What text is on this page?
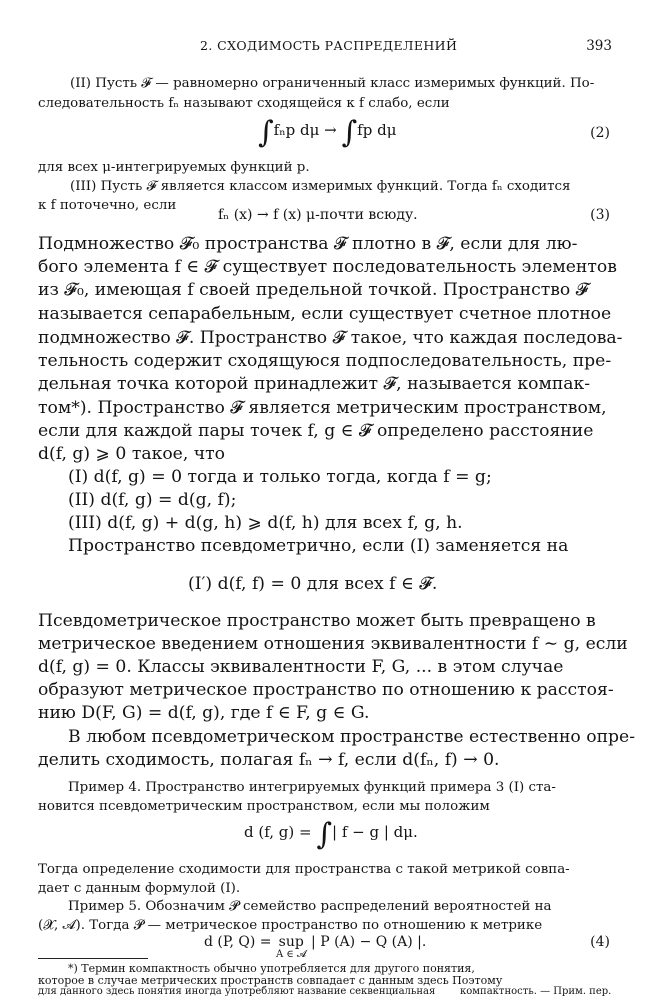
2. СХОДИМОСТЬ РАСПРЕДЕЛЕНИЙ	393
(II) Пусть 𝓕 — равномерно ограниченный класс измеримых функций. По-
следовательность fₙ называют сходящейся к f слабо, если
∫fₙp dμ → ∫fp dμ	(2)
для всех μ-интегрируемых функций p.
(III) Пусть 𝓕 является классом измеримых функций. Тогда fₙ сходится
к f поточечно, если
fₙ (x) → f (x) μ-почти всюду.	(3)
Подмножество 𝓕₀ пространства 𝓕 плотно в 𝓕, если для лю-
бого элемента f ∈ 𝓕 существует последовательность элементов
из 𝓕₀, имеющая f своей предельной точкой. Пространство 𝓕
называется сепарабельным, если существует счетное плотное
подмножество 𝓕. Пространство 𝓕 такое, что каждая последова-
тельность содержит сходящуюся подпоследовательность, пре-
дельная точка которой принадлежит 𝓕, называется компак-
том*). Пространство 𝓕 является метрическим пространством,
если для каждой пары точек f, g ∈ 𝓕 определено расстояние
d(f, g) ⩾ 0 такое, что
(I) d(f, g) = 0 тогда и только тогда, когда f = g;
(II) d(f, g) = d(g, f);
(III) d(f, g) + d(g, h) ⩾ d(f, h) для всех f, g, h.
Пространство псевдометрично, если (I) заменяется на
(I′) d(f, f) = 0 для всех f ∈ 𝓕.
Псевдометрическое пространство может быть превращено в
метрическое введением отношения эквивалентности f ∼ g, если
d(f, g) = 0. Классы эквивалентности F, G, ... в этом случае
образуют метрическое пространство по отношению к расстоя-
нию D(F, G) = d(f, g), где f ∈ F, g ∈ G.
В любом псевдометрическом пространстве естественно опре-
делить сходимость, полагая fₙ → f, если d(fₙ, f) → 0.
Пример 4. Пространство интегрируемых функций примера 3 (I) ста-
новится псевдометрическим пространством, если мы положим
d (f, g) = ∫| f − g | dμ.
Тогда определение сходимости для пространства с такой метрикой совпа-
дает с данным формулой (I).
Пример 5. Обозначим 𝓟 семейство распределений вероятностей на
(𝓧, 𝓐). Тогда 𝓟 — метрическое пространство по отношению к метрике
d (P, Q) = sup
A ∈ 𝓐
| P (A) − Q (A) |.	(4)
*) Термин компактность обычно употребляется для другого понятия,
которое в случае метрических пространств совпадает с данным здесь Поэтому
для данного здесь понятия иногда употребляют название секвенциальная компактность. — Прим. пер.
